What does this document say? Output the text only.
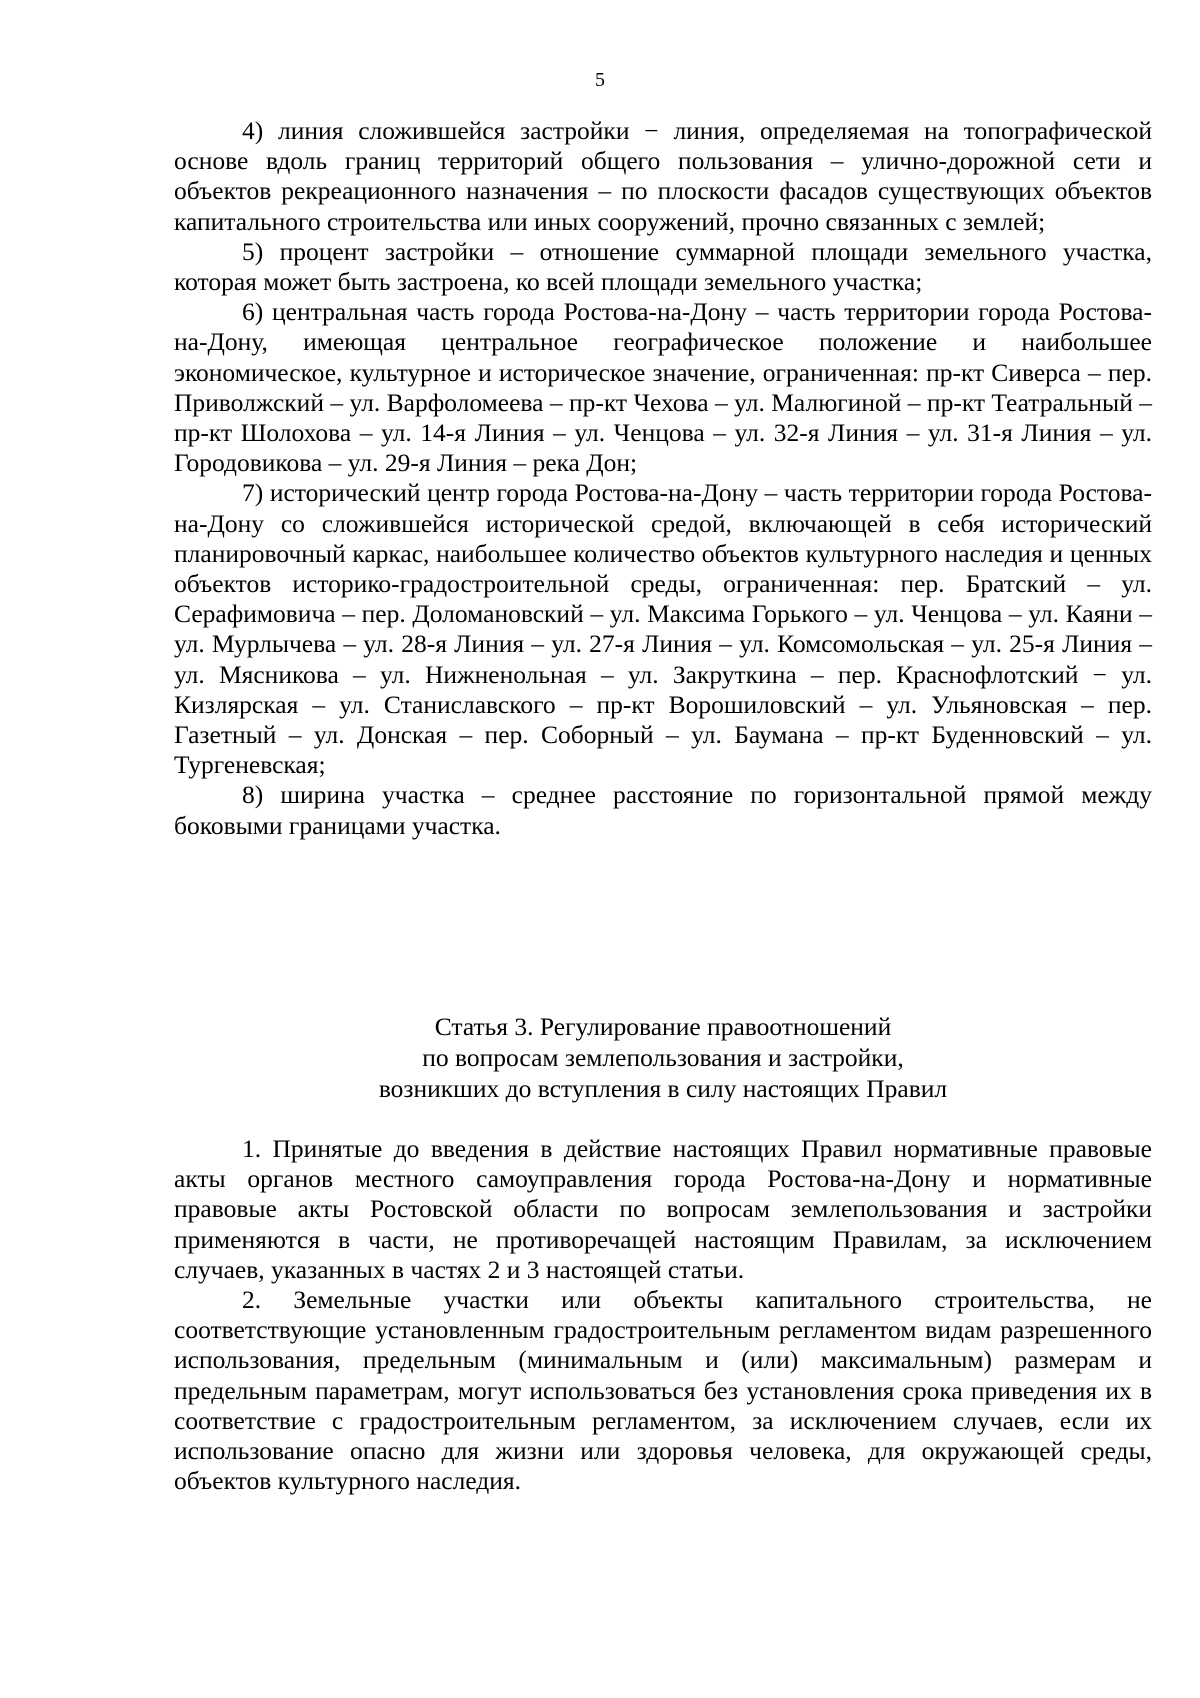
5

4) линия сложившейся застройки − линия, определяемая на топографической основе вдоль границ территорий общего пользования – улично-дорожной сети и объектов рекреационного назначения – по плоскости фасадов существующих объектов капитального строительства или иных сооружений, прочно связанных с землей;

5) процент застройки – отношение суммарной площади земельного участка, которая может быть застроена, ко всей площади земельного участка;

6) центральная часть города Ростова-на-Дону – часть территории города Ростова-на-Дону, имеющая центральное географическое положение и наибольшее экономическое, культурное и историческое значение, ограниченная: пр-кт Сиверса – пер. Приволжский – ул. Варфоломеева – пр-кт Чехова – ул. Малюгиной – пр-кт Театральный – пр-кт Шолохова – ул. 14-я Линия – ул. Ченцова – ул. 32-я Линия – ул. 31-я Линия – ул. Городовикова – ул. 29-я Линия – река Дон;

7) исторический центр города Ростова-на-Дону – часть территории города Ростова-на-Дону со сложившейся исторической средой, включающей в себя исторический планировочный каркас, наибольшее количество объектов культурного наследия и ценных объектов историко-градостроительной среды, ограниченная: пер. Братский – ул. Серафимовича – пер. Доломановский – ул. Максима Горького – ул. Ченцова – ул. Каяни – ул. Мурлычева – ул. 28-я Линия – ул. 27-я Линия – ул. Комсомольская – ул. 25-я Линия – ул. Мясникова – ул. Нижненольная – ул. Закруткина – пер. Краснофлотский − ул. Кизлярская – ул. Станиславского – пр-кт Ворошиловский – ул. Ульяновская – пер. Газетный – ул. Донская – пер. Соборный – ул. Баумана – пр-кт Буденновский – ул. Тургеневская;

8) ширина участка – среднее расстояние по горизонтальной прямой между боковыми границами участка.

Статья 3. Регулирование правоотношений
по вопросам землепользования и застройки,
возникших до вступления в силу настоящих Правил

1. Принятые до введения в действие настоящих Правил нормативные правовые акты органов местного самоуправления города Ростова-на-Дону и нормативные правовые акты Ростовской области по вопросам землепользования и застройки применяются в части, не противоречащей настоящим Правилам, за исключением случаев, указанных в частях 2 и 3 настоящей статьи.

2. Земельные участки или объекты капитального строительства, не соответствующие установленным градостроительным регламентом видам разрешенного использования, предельным (минимальным и (или) максимальным) размерам и предельным параметрам, могут использоваться без установления срока приведения их в соответствие с градостроительным регламентом, за исключением случаев, если их использование опасно для жизни или здоровья человека, для окружающей среды, объектов культурного наследия.
